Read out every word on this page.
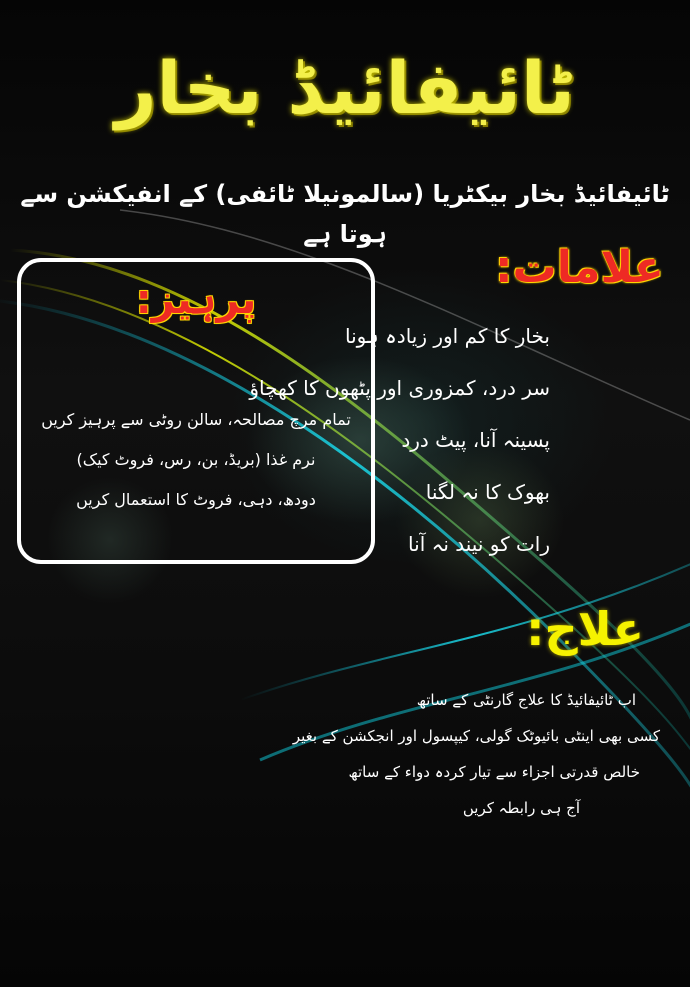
ٹائیفائیڈ بخار
ٹائیفائیڈ بخار بیکٹریا (سالمونیلا ٹائفی) کے انفیکشن سے ہوتا ہے
علامات:
بخار کا کم اور زیادہ ہونا
سر درد، کمزوری اور پٹھوں کا کھچاؤ
پسینہ آنا، پیٹ درد
بھوک کا نہ لگنا
رات کو نیند نہ آنا
پرہیز:
تمام مرچ مصالحہ، سالن روٹی سے پرہیز کریں
نرم غذا (بریڈ، بن، رس، فروٹ کیک)
دودھ، دہی، فروٹ کا استعمال کریں
علاج:
اب ٹائیفائیڈ کا علاج گارنٹی کے ساتھ
کسی بھی اینٹی بائیوٹک گولی، کیپسول اور انجکشن کے بغیر
خالص قدرتی اجزاء سے تیار کردہ دواء کے ساتھ
آج ہی رابطہ کریں
